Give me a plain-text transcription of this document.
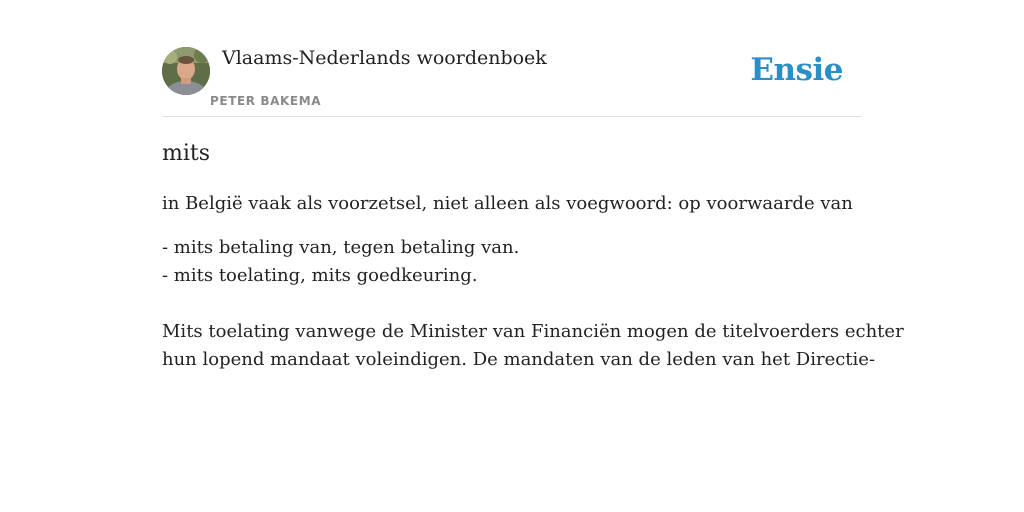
Vlaams-Nederlands woordenboek
PETER BAKEMA
Ensie
mits

in België vaak als voorzetsel, niet alleen als voegwoord: op voorwaarde van

- mits betaling van, tegen betaling van.
- mits toelating, mits goedkeuring.
Mits toelating vanwege de Minister van Financiën mogen de titelvoerders echter
hun lopend mandaat voleindigen. De mandaten van de leden van het Directie-
